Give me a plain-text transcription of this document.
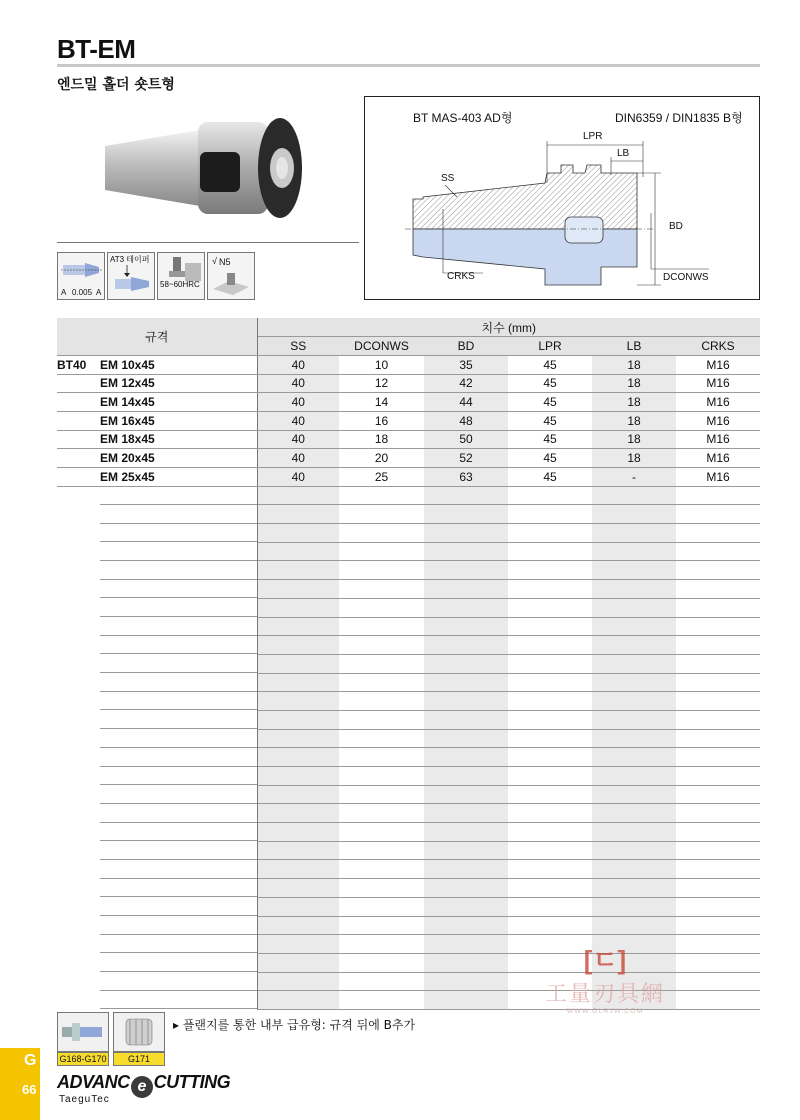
BT-EM
엔드밀 홀더 숏트형
A 0.005 A
AT3 테이퍼
58~60HRC
√ N5
BT MAS-403 AD형	DIN6359 / DIN1835 B형
LPR
LB
SS
BD
CRKS	DCONWS
규격	치수 (mm)					
	SS	DCONWS	BD	LPR	LB	CRKS
BT40 EM 10x45	40	10	35	45	18	M16
EM 12x45	40	12	42	45	18	M16
EM 14x45	40	14	44	45	18	M16
EM 16x45	40	16	48	45	18	M16
EM 18x45	40	18	50	45	18	M16
EM 20x45	40	20	52	45	18	M16
EM 25x45	40	25	63	45	-	M16

[ㄷ]
工量刃具網
WWW.GLRJW.COM
G168-G170	G171
▸ 플랜지를 통한 내부 급유형: 규격 뒤에 B추가
G
66 ADVANC e CUTTING
TaeguTec
